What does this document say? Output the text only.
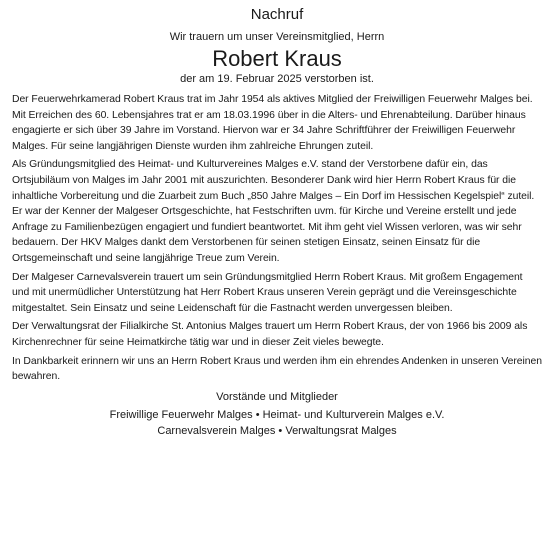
Nachruf

Wir trauern um unser Vereinsmitglied, Herrn

Robert Kraus

der am 19. Februar 2025 verstorben ist.

Der Feuerwehrkamerad Robert Kraus trat im Jahr 1954 als aktives Mitglied der Freiwilligen Feuerwehr Malges bei. Mit Erreichen des 60. Lebensjahres trat er am 18.03.1996 über in die Alters- und Ehrenabteilung. Darüber hinaus engagierte er sich über 39 Jahre im Vorstand. Hiervon war er 34 Jahre Schriftführer der Freiwilligen Feuerwehr Malges. Für seine langjährigen Dienste wurden ihm zahlreiche Ehrungen zuteil.

Als Gründungsmitglied des Heimat- und Kulturvereines Malges e.V. stand der Verstorbene dafür ein, das Ortsjubiläum von Malges im Jahr 2001 mit auszurichten. Besonderer Dank wird hier Herrn Robert Kraus für die inhaltliche Vorbereitung und die Zuarbeit zum Buch „850 Jahre Malges – Ein Dorf im Hessischen Kegelspiel“ zuteil. Er war der Kenner der Malgeser Ortsgeschichte, hat Festschriften uvm. für Kirche und Vereine erstellt und jede Anfrage zu Familienbezügen engagiert und fundiert beantwortet. Mit ihm geht viel Wissen verloren, was wir sehr bedauern. Der HKV Malges dankt dem Verstorbenen für seinen stetigen Einsatz, seinen Einsatz für die Ortsgemeinschaft und seine langjährige Treue zum Verein.

Der Malgeser Carnevalsverein trauert um sein Gründungsmitglied Herrn Robert Kraus. Mit großem Engagement und mit unermüdlicher Unterstützung hat Herr Robert Kraus unseren Verein geprägt und die Vereinsgeschichte mitgestaltet. Sein Einsatz und seine Leidenschaft für die Fastnacht werden unvergessen bleiben.

Der Verwaltungsrat der Filialkirche St. Antonius Malges trauert um Herrn Robert Kraus, der von 1966 bis 2009 als Kirchenrechner für seine Heimatkirche tätig war und in dieser Zeit vieles bewegte.

In Dankbarkeit erinnern wir uns an Herrn Robert Kraus und werden ihm ein ehrendes Andenken in unseren Vereinen bewahren.

Vorstände und Mitglieder

Freiwillige Feuerwehr Malges • Heimat- und Kulturverein Malges e.V.

Carnevalsverein Malges • Verwaltungsrat Malges
